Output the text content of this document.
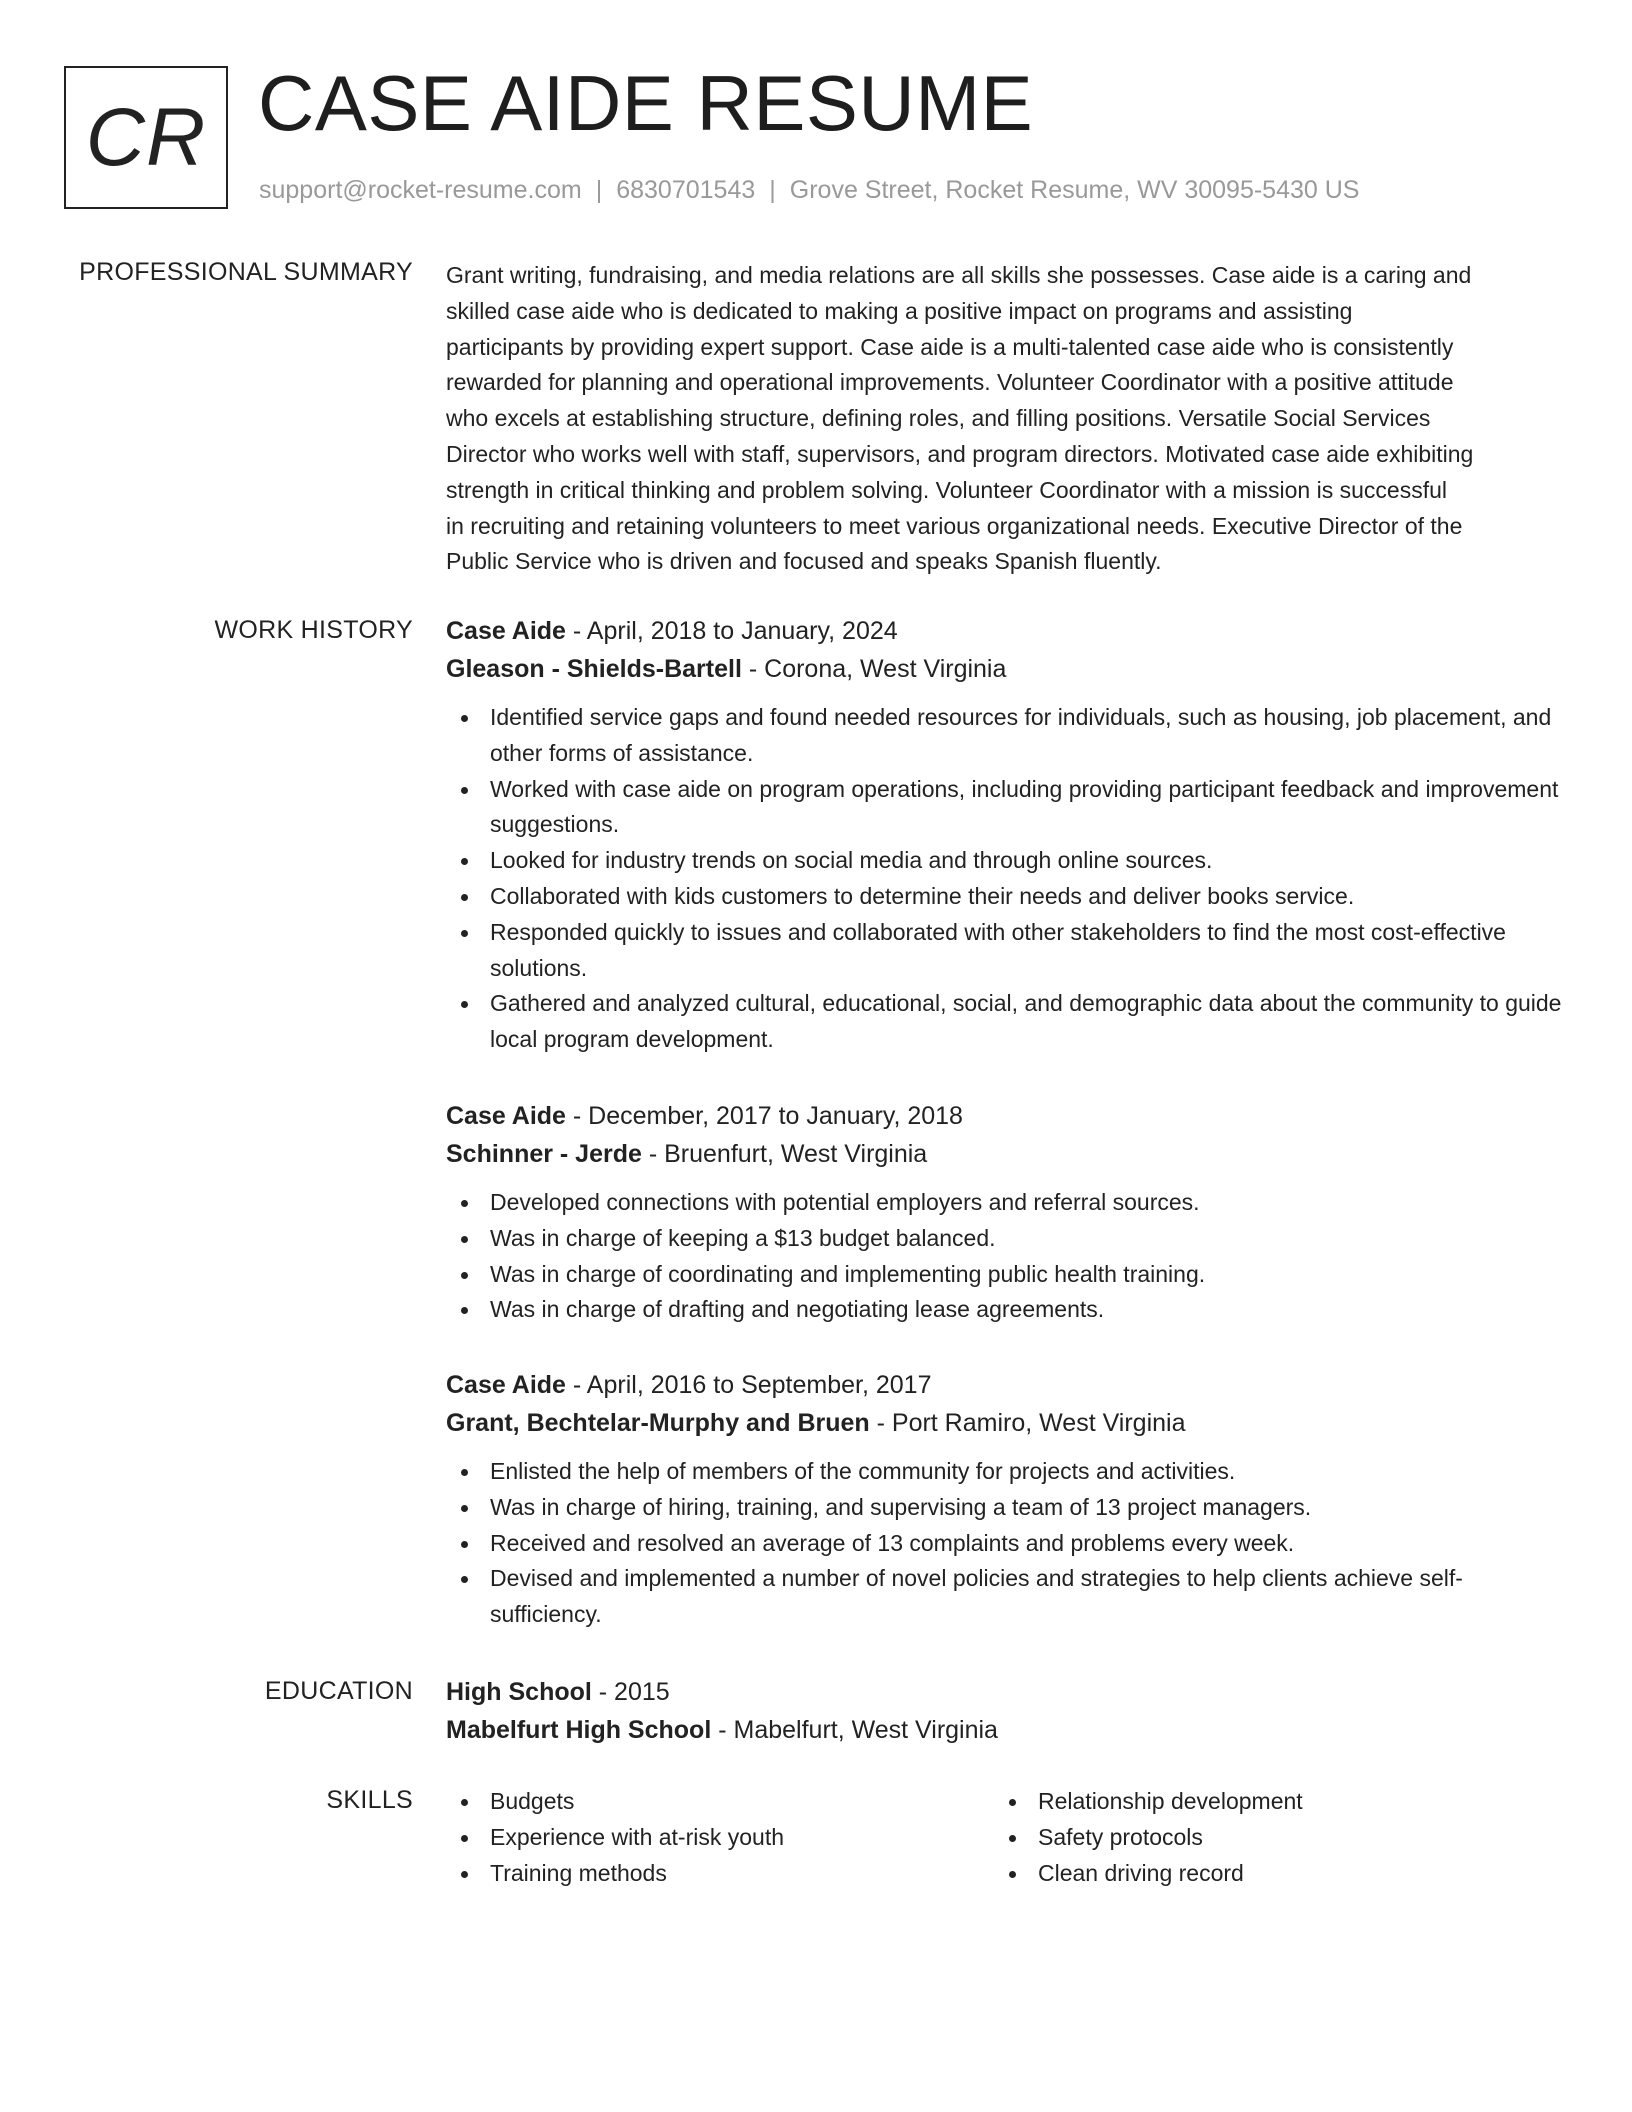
CR CASE AIDE RESUME
support@rocket-resume.com | 6830701543 | Grove Street, Rocket Resume, WV 30095-5430 US
PROFESSIONAL SUMMARY Grant writing, fundraising, and media relations are all skills she possesses. Case aide is a caring and
skilled case aide who is dedicated to making a positive impact on programs and assisting
participants by providing expert support. Case aide is a multi-talented case aide who is consistently
rewarded for planning and operational improvements. Volunteer Coordinator with a positive attitude
who excels at establishing structure, defining roles, and filling positions. Versatile Social Services
Director who works well with staff, supervisors, and program directors. Motivated case aide exhibiting
strength in critical thinking and problem solving. Volunteer Coordinator with a mission is successful
in recruiting and retaining volunteers to meet various organizational needs. Executive Director of the
Public Service who is driven and focused and speaks Spanish fluently.
WORK HISTORY Case Aide - April, 2018 to January, 2024
Gleason - Shields-Bartell - Corona, West Virginia
Identified service gaps and found needed resources for individuals, such as housing, job placement, and other forms of assistance.
Worked with case aide on program operations, including providing participant feedback and improvement suggestions.
Looked for industry trends on social media and through online sources.
Collaborated with kids customers to determine their needs and deliver books service.
Responded quickly to issues and collaborated with other stakeholders to find the most cost-effective solutions.
Gathered and analyzed cultural, educational, social, and demographic data about the community to guide local program development.
Case Aide - December, 2017 to January, 2018
Schinner - Jerde - Bruenfurt, West Virginia
Developed connections with potential employers and referral sources.
Was in charge of keeping a $13 budget balanced.
Was in charge of coordinating and implementing public health training.
Was in charge of drafting and negotiating lease agreements.
Case Aide - April, 2016 to September, 2017
Grant, Bechtelar-Murphy and Bruen - Port Ramiro, West Virginia
Enlisted the help of members of the community for projects and activities.
Was in charge of hiring, training, and supervising a team of 13 project managers.
Received and resolved an average of 13 complaints and problems every week.
Devised and implemented a number of novel policies and strategies to help clients achieve self-sufficiency.
EDUCATION High School - 2015
Mabelfurt High School - Mabelfurt, West Virginia
SKILLS	Budgets
Experience with at-risk youth
Training methods
Relationship development
Safety protocols
Clean driving record
